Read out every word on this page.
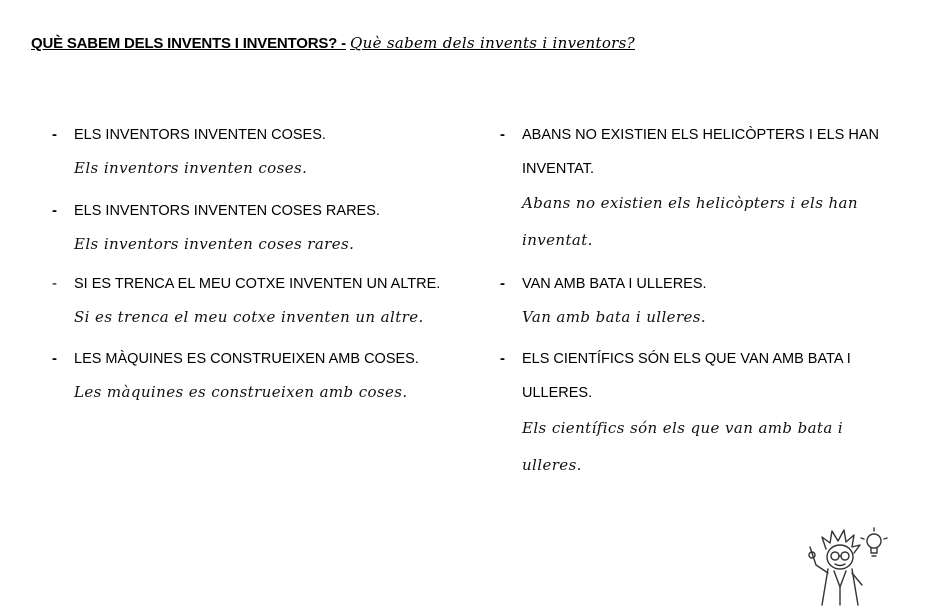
QUÈ SABEM DELS INVENTS I INVENTORS? - Què sabem dels invents i inventors?
- ELS INVENTORS INVENTEN COSES.
Els inventors inventen coses.
- ELS INVENTORS INVENTEN COSES RARES.
Els inventors inventen coses rares.
- SI ES TRENCA EL MEU COTXE INVENTEN UN ALTRE.
Si es trenca el meu cotxe inventen un altre.
- LES MÀQUINES ES CONSTRUEIXEN AMB COSES.
Les màquines es construeixen amb coses.
- ABANS NO EXISTIEN ELS HELICÒPTERS I ELS HAN INVENTAT.
Abans no existien els helicòpters i els han inventat.
- VAN AMB BATA I ULLERES.
Van amb bata i ulleres.
- ELS CIENTÍFICS SÓN ELS QUE VAN AMB BATA I ULLERES.
Els científics són els que van amb bata i ulleres.
